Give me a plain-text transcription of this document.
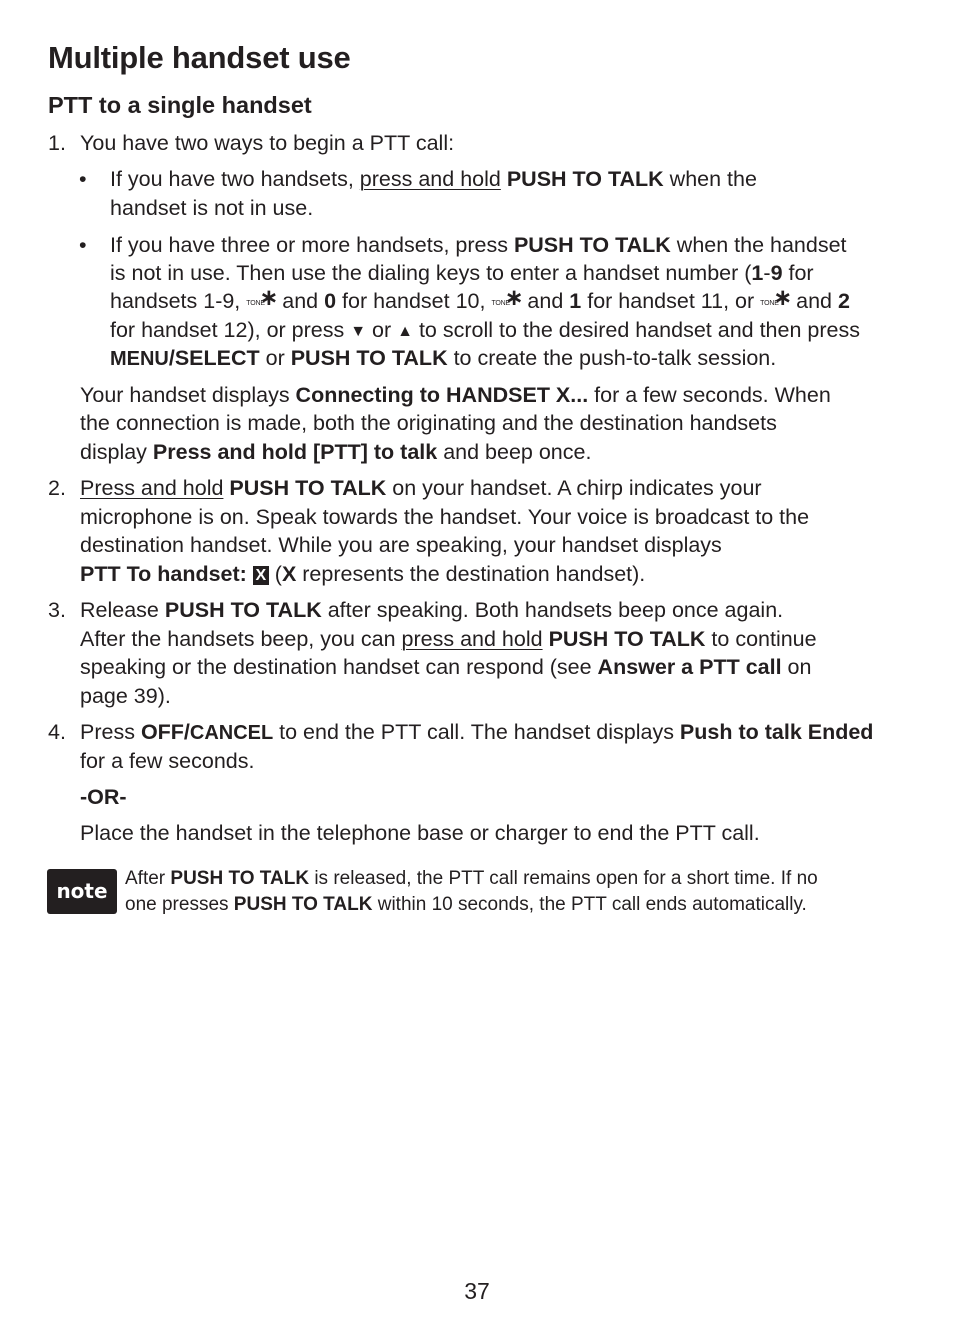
Multiple handset use
PTT to a single handset
1. You have two ways to begin a PTT call:
• If you have two handsets, press and hold PUSH TO TALK when the
handset is not in use.
• If you have three or more handsets, press PUSH TO TALK when the handset
is not in use. Then use the dialing keys to enter a handset number (1-9 for
handsets 1-9, TONE
∗
and 0 for handset 10, TONE
∗
and 1 for handset 11, or TONE
∗
and 2
for handset 12), or press ▼ or ▲ to scroll to the desired handset and then press
MENU/SELECT or PUSH TO TALK to create the push-to-talk session.
Your handset displays Connecting to HANDSET X... for a few seconds. When
the connection is made, both the originating and the destination handsets
display Press and hold [PTT] to talk and beep once.
2. Press and hold PUSH TO TALK on your handset. A chirp indicates your
microphone is on. Speak towards the handset. Your voice is broadcast to the
destination handset. While you are speaking, your handset displays
PTT To handset: X (X represents the destination handset).
3. Release PUSH TO TALK after speaking. Both handsets beep once again.
After the handsets beep, you can press and hold PUSH TO TALK to continue
speaking or the destination handset can respond (see Answer a PTT call on
page 39).
4. Press OFF/CANCEL to end the PTT call. The handset displays Push to talk Ended
for a few seconds.
-OR-
Place the handset in the telephone base or charger to end the PTT call.
note
After PUSH TO TALK is released, the PTT call remains open for a short time. If no
one presses PUSH TO TALK within 10 seconds, the PTT call ends automatically.
37
